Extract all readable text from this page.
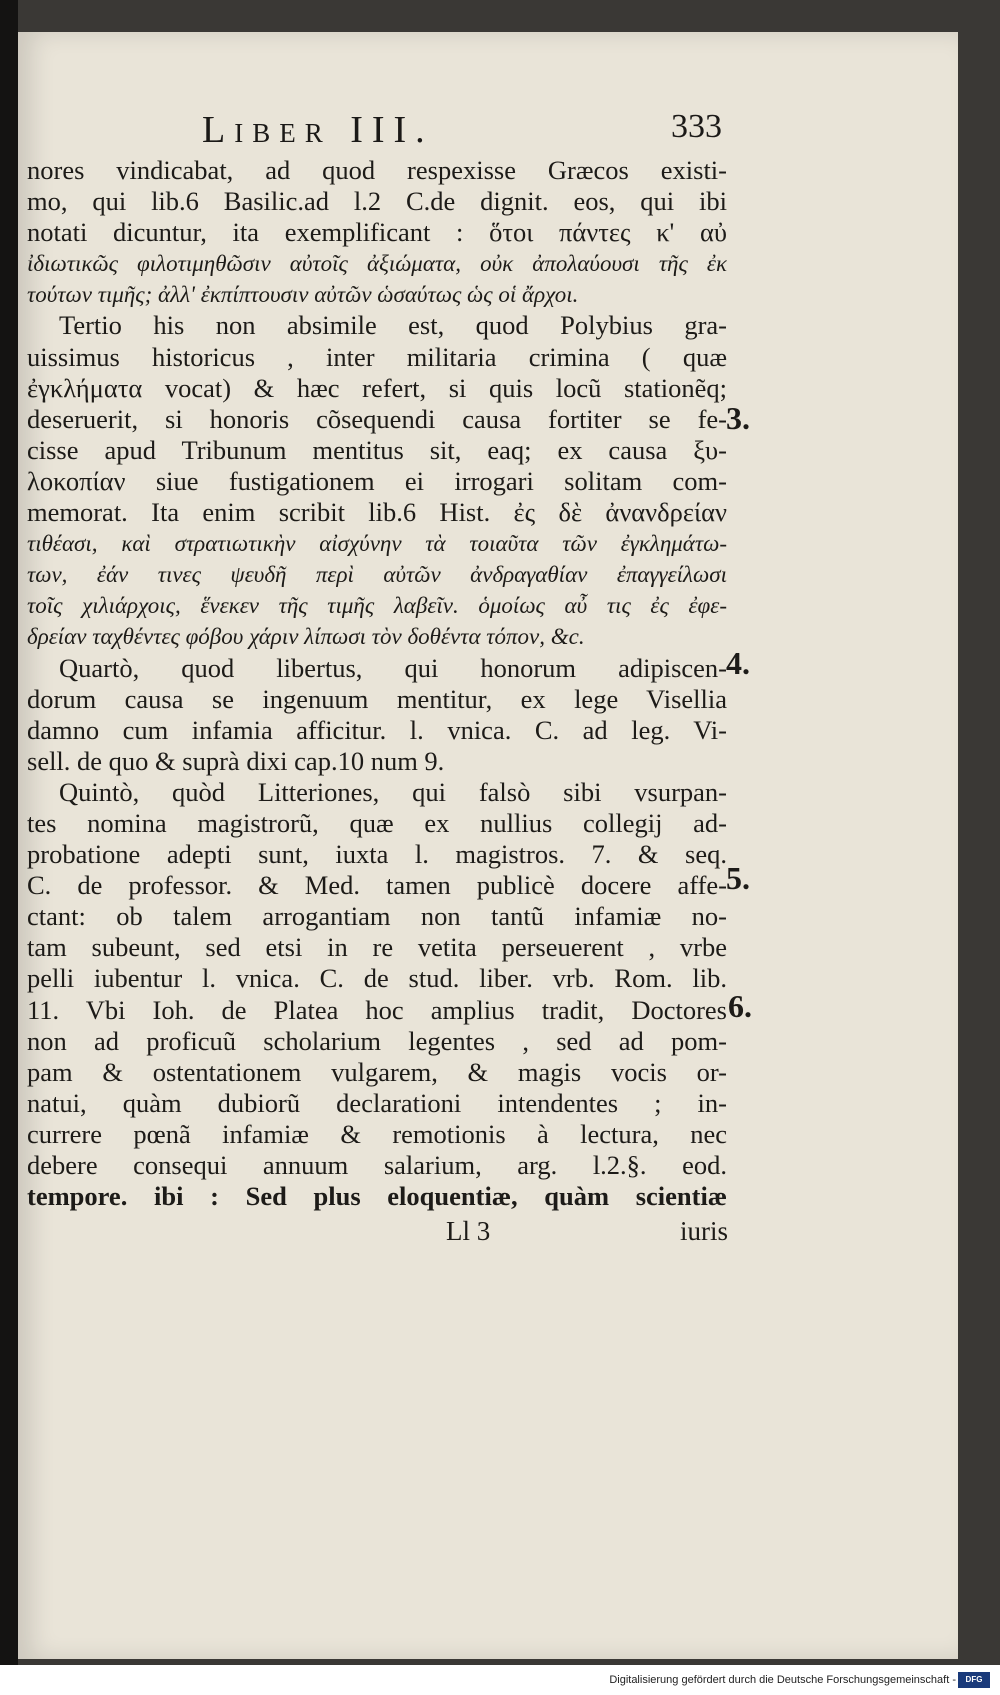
Liber III.	333
nores vindicabat, ad quod respexisse Græcos existi-
mo, qui lib.6 Basilic.ad l.2 C.de dignit. eos, qui ibi
notati dicuntur, ita exemplificant : ὅτοι πάντες κ' αὐ
ἰδιωτικῶς φιλοτιμηθῶσιν αὐτοῖς ἀξιώματα, οὐκ ἀπολαύουσι τῆς ἐκ
τούτων τιμῆς; ἀλλ' ἐκπίπτουσιν αὐτῶν ὡσαύτως ὡς οἱ ἄρχοι.
Tertio his non absimile est, quod Polybius gra-
uissimus historicus , inter militaria crimina ( quæ
ἐγκλήματα vocat) & hæc refert, si quis locũ stationẽq;
deseruerit, si honoris cõsequendi causa fortiter se fe-
cisse apud Tribunum mentitus sit, eaq; ex causa ξυ-
λοκοπίαν siue fustigationem ei irrogari solitam com-
memorat. Ita enim scribit lib.6 Hist. ἐς δὲ ἀνανδρείαν
τιθέασι, καὶ στρατιωτικὴν αἰσχύνην τὰ τοιαῦτα τῶν ἐγκλημάτω-
των, ἐάν τινες ψευδῆ περὶ αὐτῶν ἀνδραγαθίαν ἐπαγγείλωσι
τοῖς χιλιάρχοις, ἕνεκεν τῆς τιμῆς λαβεῖν. ὁμοίως αὖ τις ἐς ἐφε-
δρείαν ταχθέντες φόβου χάριν λίπωσι τὸν δοθέντα τόπον, &c.
Quartò, quod libertus, qui honorum adipiscen-
dorum causa se ingenuum mentitur, ex lege Visellia
damno cum infamia afficitur. l. vnica. C. ad leg. Vi-
sell. de quo & suprà dixi cap.10 num 9.
Quintò, quòd Litteriones, qui falsò sibi vsurpan-
tes nomina magistrorũ, quæ ex nullius collegij ad-
probatione adepti sunt, iuxta l. magistros. 7. & seq.
C. de professor. & Med. tamen publicè docere affe-
ctant: ob talem arrogantiam non tantũ infamiæ no-
tam subeunt, sed etsi in re vetita perseuerent , vrbe
pelli iubentur l. vnica. C. de stud. liber. vrb. Rom. lib.
11. Vbi Ioh. de Platea hoc amplius tradit, Doctores
non ad proficuũ scholarium legentes , sed ad pom-
pam & ostentationem vulgarem, & magis vocis or-
natui, quàm dubiorũ declarationi intendentes ; in-
currere pœnã infamiæ & remotionis à lectura, nec
debere consequi annuum salarium, arg. l.2.§. eod.
tempore. ibi : Sed plus eloquentiæ, quàm scientiæ
3.
4.
5.
6.
Ll 3	iuris
Digitalisierung gefördert durch die Deutsche Forschungsgemeinschaft -	DFG
